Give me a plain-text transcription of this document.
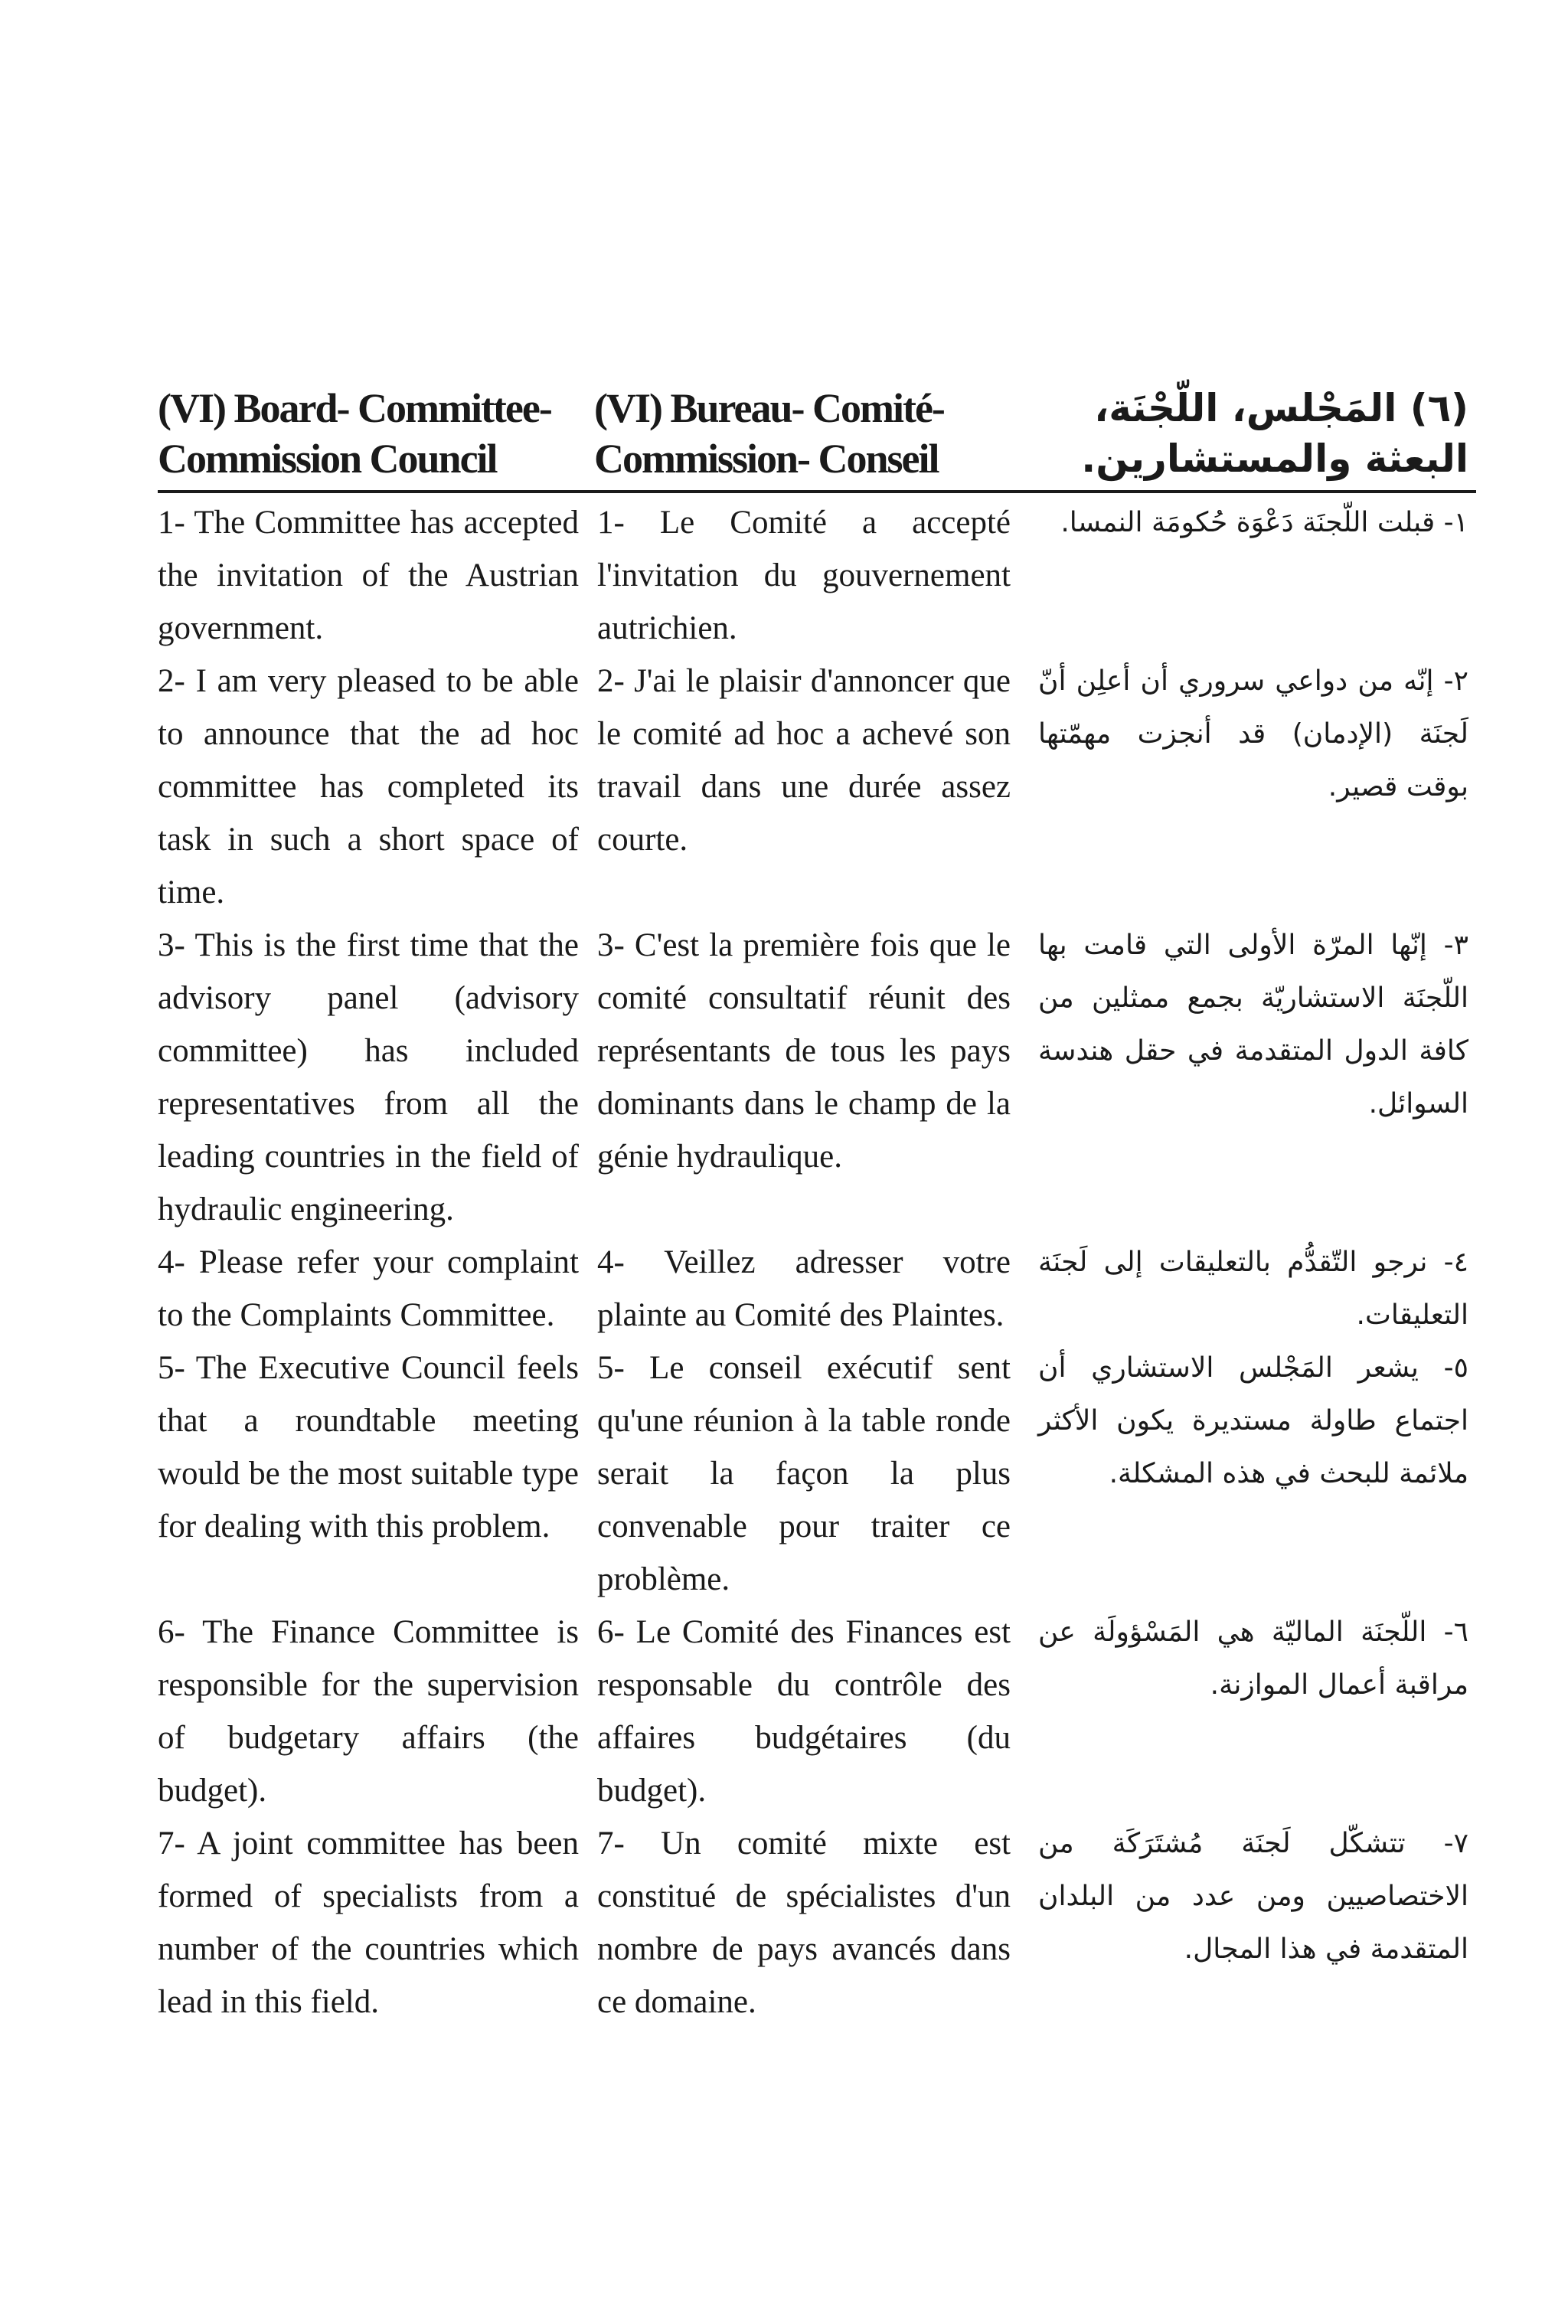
(VI) Board- Committee-
Commission Council
(VI) Bureau- Comité-
Commission- Conseil
(٦) المَجْلس، اللّجْنَة،
البعثة والمستشارين.
1- The Committee has accepted the invitation of the Austrian government.
1- Le Comité a accepté l'invitation du gouvernement autrichien.
١- قبلت اللّجنَة دَعْوَة حُكومَة النمسا.
2- I am very pleased to be able to announce that the ad hoc committee has completed its task in such a short space of time.
2- J'ai le plaisir d'annoncer que le comité ad hoc a achevé son travail dans une durée assez courte.
٢- إنّه من دواعي سروري أن أعلِن أنّ لَجنَة (الإدمان) قد أنجزت مهمّتها بوقت قصير.
3- This is the first time that the advisory panel (advisory committee) has included representatives from all the leading countries in the field of hydraulic engineering.
3- C'est la première fois que le comité consultatif réunit des représentants de tous les pays dominants dans le champ de la génie hydraulique.
٣- إنّها المرّة الأولى التي قامت بها اللّجنَة الاستشاريّة بجمع ممثلين من كافة الدول المتقدمة في حقل هندسة السوائل.
4- Please refer your complaint to the Complaints Committee.
4- Veillez adresser votre plainte au Comité des Plaintes.
٤- نرجو التّقدُّم بالتعليقات إلى لَجنَة التعليقات.
5- The Executive Council feels that a roundtable meeting would be the most suitable type for dealing with this problem.
5- Le conseil exécutif sent qu'une réunion à la table ronde serait la façon la plus convenable pour traiter ce problème.
٥- يشعر المَجْلس الاستشاري أن اجتماع طاولة مستديرة يكون الأكثر ملائمة للبحث في هذه المشكلة.
6- The Finance Committee is responsible for the supervision of budgetary affairs (the budget).
6- Le Comité des Finances est responsable du contrôle des affaires budgétaires (du budget).
٦- اللّجنَة الماليّة هي المَسْؤولَة عن مراقبة أعمال الموازنة.
7- A joint committee has been formed of specialists from a number of the countries which lead in this field.
7- Un comité mixte est constitué de spécialistes d'un nombre de pays avancés dans ce domaine.
٧- تتشكّل لَجنَة مُشتَرَكَة من الاختصاصيين ومن عدد من البلدان المتقدمة في هذا المجال.
